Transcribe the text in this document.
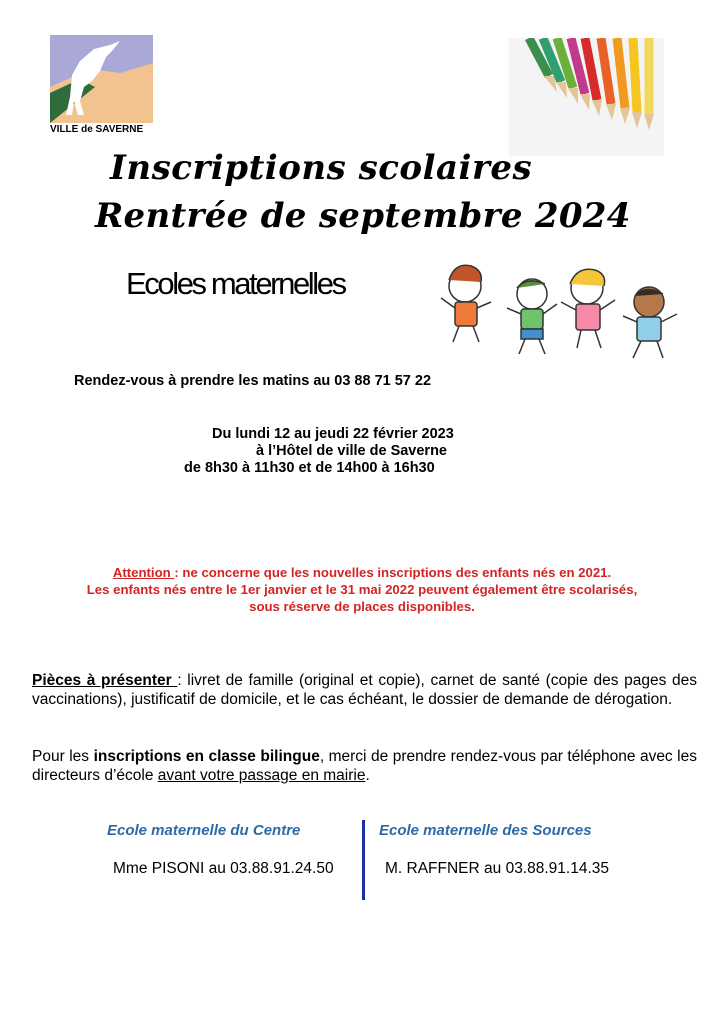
VILLE de SAVERNE
Inscriptions scolaires
Rentrée de septembre 2024
Ecoles maternelles
Rendez-vous à prendre les matins au 03 88 71 57 22
Du lundi 12 au jeudi 22 février 2023
à l’Hôtel de ville de Saverne
de 8h30 à 11h30 et de 14h00 à 16h30
Attention : ne concerne que les nouvelles inscriptions des enfants nés en 2021.
Les enfants nés entre le 1er janvier et le 31 mai 2022 peuvent également être scolarisés,
sous réserve de places disponibles.
Pièces à présenter : livret de famille (original et copie), carnet de santé (copie des pages des vaccinations), justificatif de domicile, et le cas échéant, le dossier de demande de dérogation.
Pour les inscriptions en classe bilingue, merci de prendre rendez-vous par téléphone avec les directeurs d’école avant votre passage en mairie.
Ecole maternelle du Centre	Ecole maternelle des Sources
Mme PISONI au 03.88.91.24.50	M. RAFFNER au 03.88.91.14.35
